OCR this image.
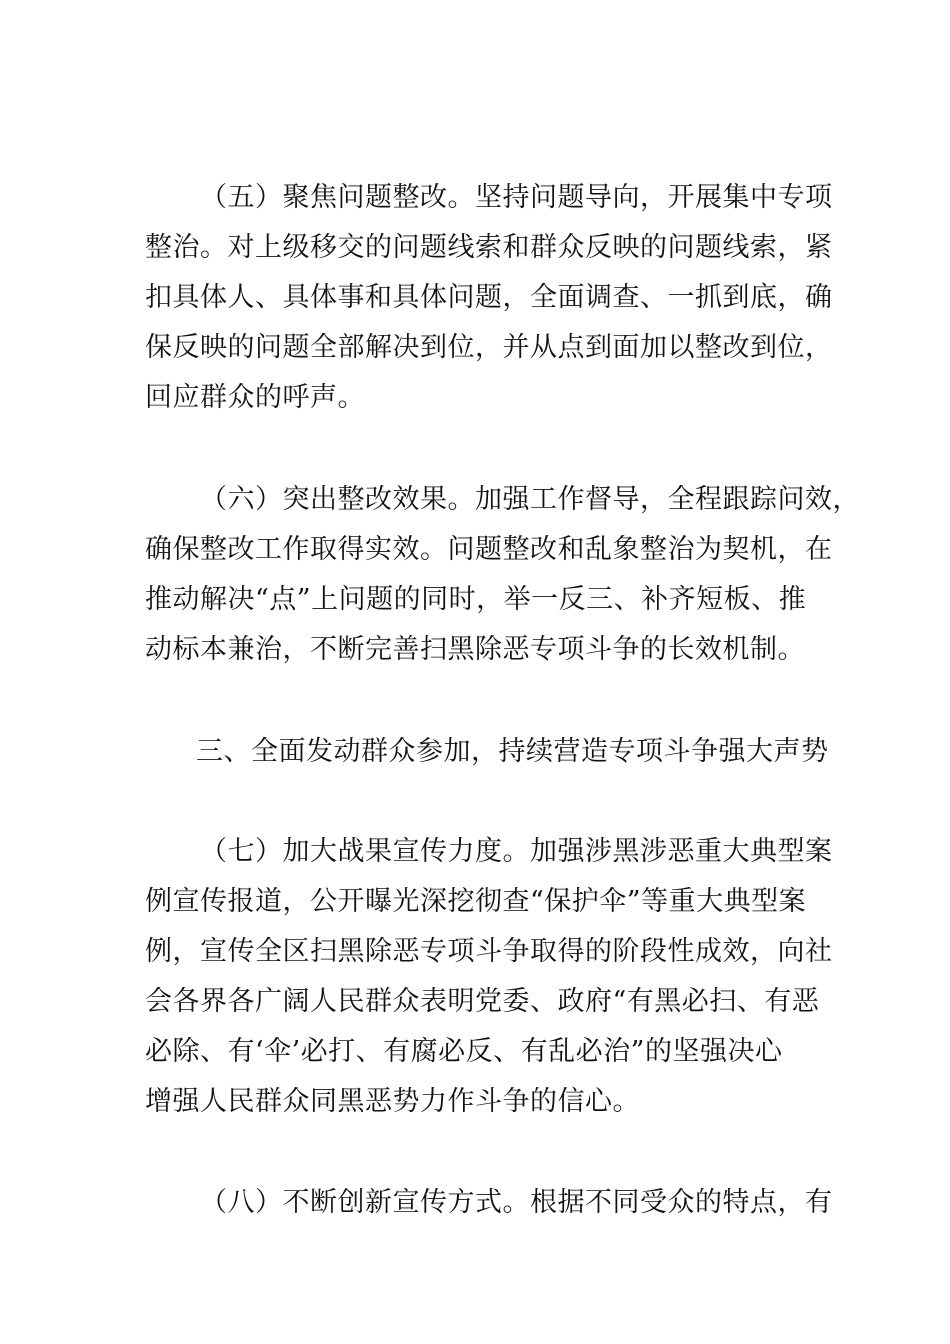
（五）聚焦问题整改。坚持问题导向，开展集中专项
整治。对上级移交的问题线索和群众反映的问题线索，紧
扣具体人、具体事和具体问题，全面调查、一抓到底，确
保反映的问题全部解决到位，并从点到面加以整改到位，
回应群众的呼声。
（六）突出整改效果。加强工作督导，全程跟踪问效，
确保整改工作取得实效。问题整改和乱象整治为契机，在
推动解决“点”上问题的同时，举一反三、补齐短板、推
动标本兼治，不断完善扫黑除恶专项斗争的长效机制。
三、全面发动群众参加，持续营造专项斗争强大声势
（七）加大战果宣传力度。加强涉黑涉恶重大典型案
例宣传报道，公开曝光深挖彻查“保护伞”等重大典型案
例，宣传全区扫黑除恶专项斗争取得的阶段性成效，向社
会各界各广阔人民群众表明党委、政府“有黑必扫、有恶
必除、有‘伞’必打、有腐必反、有乱必治”的坚强决心
增强人民群众同黑恶势力作斗争的信心。
（八）不断创新宣传方式。根据不同受众的特点，有
